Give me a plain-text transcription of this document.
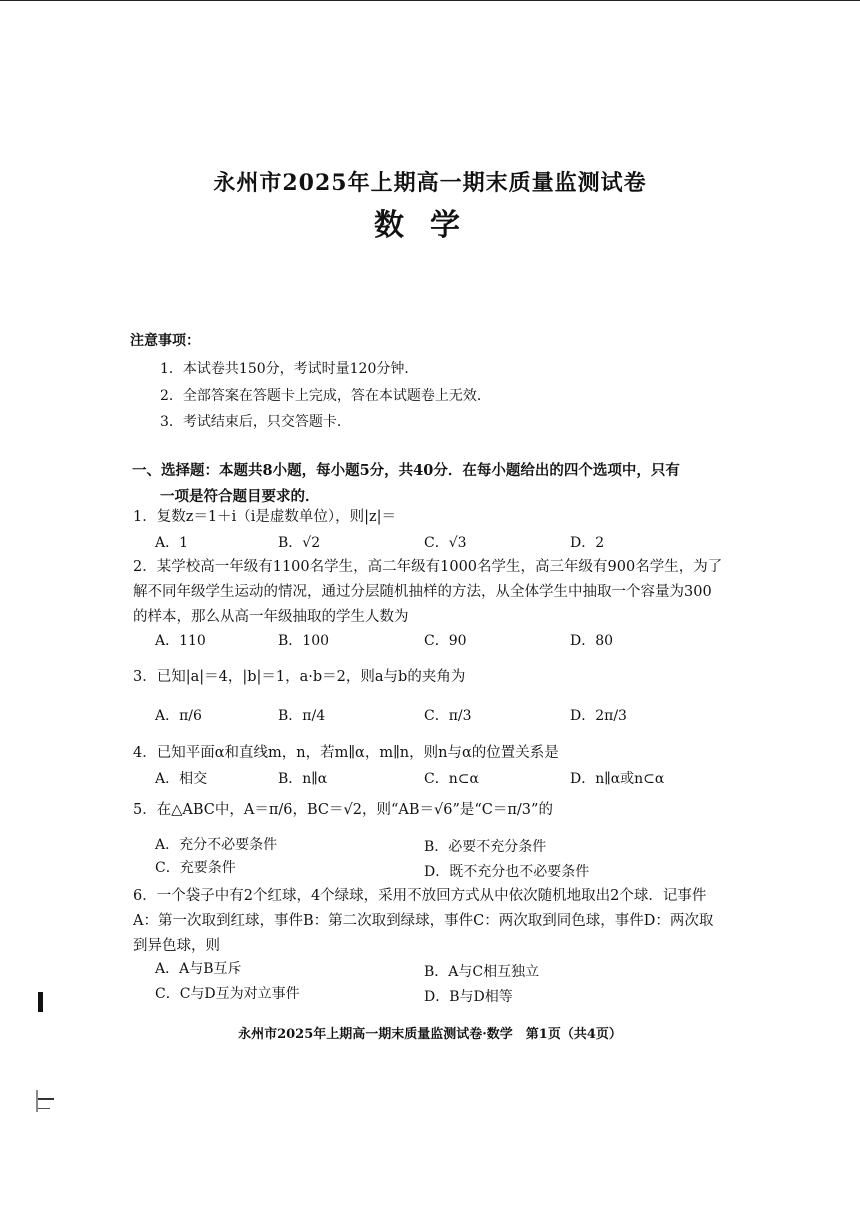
永州市2025年上期高一期末质量监测试卷
数学
注意事项：
1．本试卷共150分，考试时量120分钟．
2．全部答案在答题卡上完成，答在本试题卷上无效．
3．考试结束后，只交答题卡．
一、选择题：本题共8小题，每小题5分，共40分．在每小题给出的四个选项中，只有
一项是符合题目要求的．
1．复数z＝1＋i（i是虚数单位），则|z|＝
A．1	B．√2	C．√3	D．2
2．某学校高一年级有1100名学生，高二年级有1000名学生，高三年级有900名学生，为了解不同年级学生运动的情况，通过分层随机抽样的方法，从全体学生中抽取一个容量为300的样本，那么从高一年级抽取的学生人数为
A．110	B．100	C．90	D．80
3．已知|a|＝4，|b|＝1，a·b＝2，则a与b的夹角为
A．π/6	B．π/4	C．π/3	D．2π/3
4．已知平面α和直线m，n，若m∥α，m∥n，则n与α的位置关系是
A．相交	B．n∥α	C．n⊂α	D．n∥α或n⊂α
5．在△ABC中，A＝π/6，BC＝√2，则“AB＝√6”是“C＝π/3”的
A．充分不必要条件	B．必要不充分条件
C．充要条件	D．既不充分也不必要条件
6．一个袋子中有2个红球，4个绿球，采用不放回方式从中依次随机地取出2个球．记事件A：第一次取到红球，事件B：第二次取到绿球，事件C：两次取到同色球，事件D：两次取到异色球，则
A．A与B互斥	B．A与C相互独立
C．C与D互为对立事件	D．B与D相等
永州市2025年上期高一期末质量监测试卷·数学　第1页（共4页）
